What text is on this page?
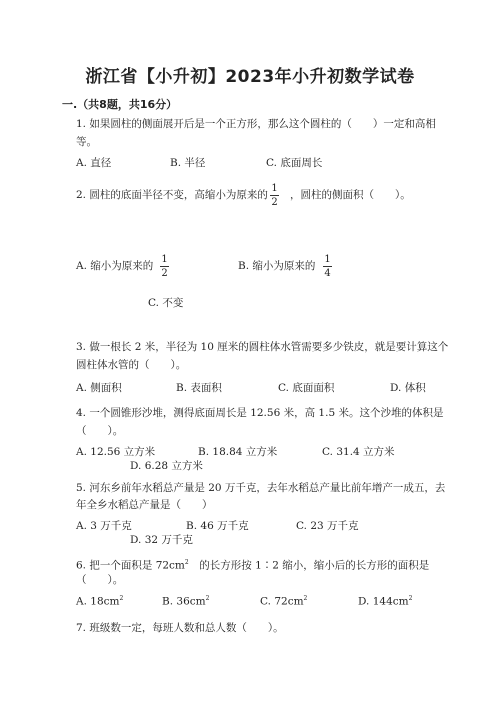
浙江省【小升初】2023年小升初数学试卷
一.（共8题，共16分）
1. 如果圆柱的侧面展开后是一个正方形，那么这个圆柱的（　　）一定和高相
等。
A. 直径	B. 半径	C. 底面周长
2. 圆柱的底面半径不变，高缩小为原来的
1
2
，圆柱的侧面积（　　）。
A. 缩小为原来的
1
2
B. 缩小为原来的
1
4
C. 不变
3. 做一根长 2 米，半径为 10 厘米的圆柱体水管需要多少铁皮，就是要计算这个
圆柱体水管的（　　）。
A. 侧面积	B. 表面积	C. 底面面积	D. 体积
4. 一个圆锥形沙堆，测得底面周长是 12.56 米，高 1.5 米。这个沙堆的体积是
（　　）。
A. 12.56 立方米	B. 18.84 立方米	C. 31.4 立方米
D. 6.28 立方米
5. 河东乡前年水稻总产量是 20 万千克，去年水稻总产量比前年增产一成五，去
年全乡水稻总产量是（　　）
A. 3 万千克	B. 46 万千克	C. 23 万千克
D. 32 万千克
6. 把一个面积是 $72cm^2$　 的长方形按 1∶2 缩小，缩小后的长方形的面积是
（　　）。
A. $18cm^2$	B. $36cm^2$	C. $72cm^2$	D. $144cm^2$
7. 班级数一定，每班人数和总人数（　　）。
